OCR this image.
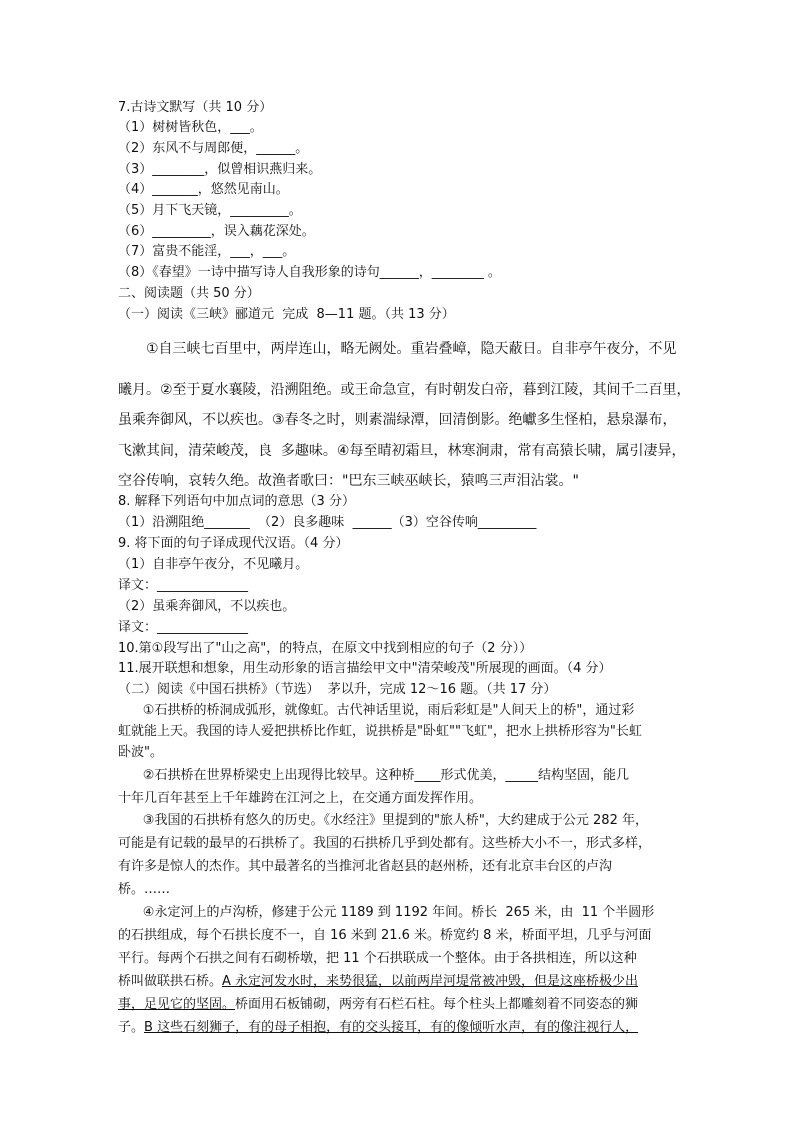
7.古诗文默写（共 10 分）
（1）树树皆秋色，___。
（2）东风不与周郎便，______。
（3）________，似曾相识燕归来。
（4）_______，悠然见南山。
（5）月下飞天镜，_________。
（6）_________，误入藕花深处。
（7）富贵不能淫，___，___。
（8）《春望》一诗中描写诗人自我形象的诗句______，________ 。
二、阅读题（共 50 分）
（一）阅读《三峡》郦道元  完成  8—11 题。（共 13 分）
①自三峡七百里中，两岸连山，略无阙处。重岩叠嶂，隐天蔽日。自非亭午夜分，不见
曦月。②至于夏水襄陵，沿溯阻绝。或王命急宣，有时朝发白帝，暮到江陵，其间千二百里，
虽乘奔御风，不以疾也。③春冬之时，则素湍绿潭，回清倒影。绝巘多生怪柏，悬泉瀑布，
飞漱其间，清荣峻茂，良  多趣味。④每至晴初霜旦，林寒涧肃，常有高猿长啸，属引凄异，
空谷传响，哀转久绝。故渔者歌曰："巴东三峡巫峡长，猿鸣三声泪沾裳。"
8. 解释下列语句中加点词的意思（3 分）
（1）沿溯阻绝_______  （2）良多趣味  ______（3）空谷传响_________
9. 将下面的句子译成现代汉语。（4 分）
（1）自非亭午夜分，不见曦月。
译文：______________
（2）虽乘奔御风，不以疾也。
译文：______________
10.第①段写出了"山之高"，的特点，在原文中找到相应的句子（2 分））
11.展开联想和想象，用生动形象的语言描绘甲文中"清荣峻茂"所展现的画面。（4 分）
（二）阅读《中国石拱桥》（节选）  茅以升，完成 12～16 题。（共 17 分）
①石拱桥的桥洞成弧形，就像虹。古代神话里说，雨后彩虹是"人间天上的桥"，通过彩
虹就能上天。我国的诗人爱把拱桥比作虹，说拱桥是"卧虹""飞虹"，把水上拱桥形容为"长虹
卧波"。
②石拱桥在世界桥梁史上出现得比较早。这种桥____形式优美，_____结构坚固，能几
十年几百年甚至上千年雄跨在江河之上，在交通方面发挥作用。
③我国的石拱桥有悠久的历史。《水经注》里提到的"旅人桥"，大约建成于公元 282 年，
可能是有记载的最早的石拱桥了。我国的石拱桥几乎到处都有。这些桥大小不一，形式多样，
有许多是惊人的杰作。其中最著名的当推河北省赵县的赵州桥，还有北京丰台区的卢沟
桥。……
④永定河上的卢沟桥，修建于公元 1189 到 1192 年间。桥长  265 米，由  11 个半圆形
的石拱组成，每个石拱长度不一，自 16 米到 21.6 米。桥宽约 8 米，桥面平坦，几乎与河面
平行。每两个石拱之间有石砌桥墩，把 11 个石拱联成一个整体。由于各拱相连，所以这种
桥叫做联拱石桥。A 永定河发水时，来势很猛，以前两岸河堤常被冲毁，但是这座桥极少出
事，足见它的坚固。桥面用石板铺砌，两旁有石栏石柱。每个柱头上都雕刻着不同姿态的狮
子。B 这些石刻狮子，有的母子相抱，有的交头接耳，有的像倾听水声，有的像注视行人，
